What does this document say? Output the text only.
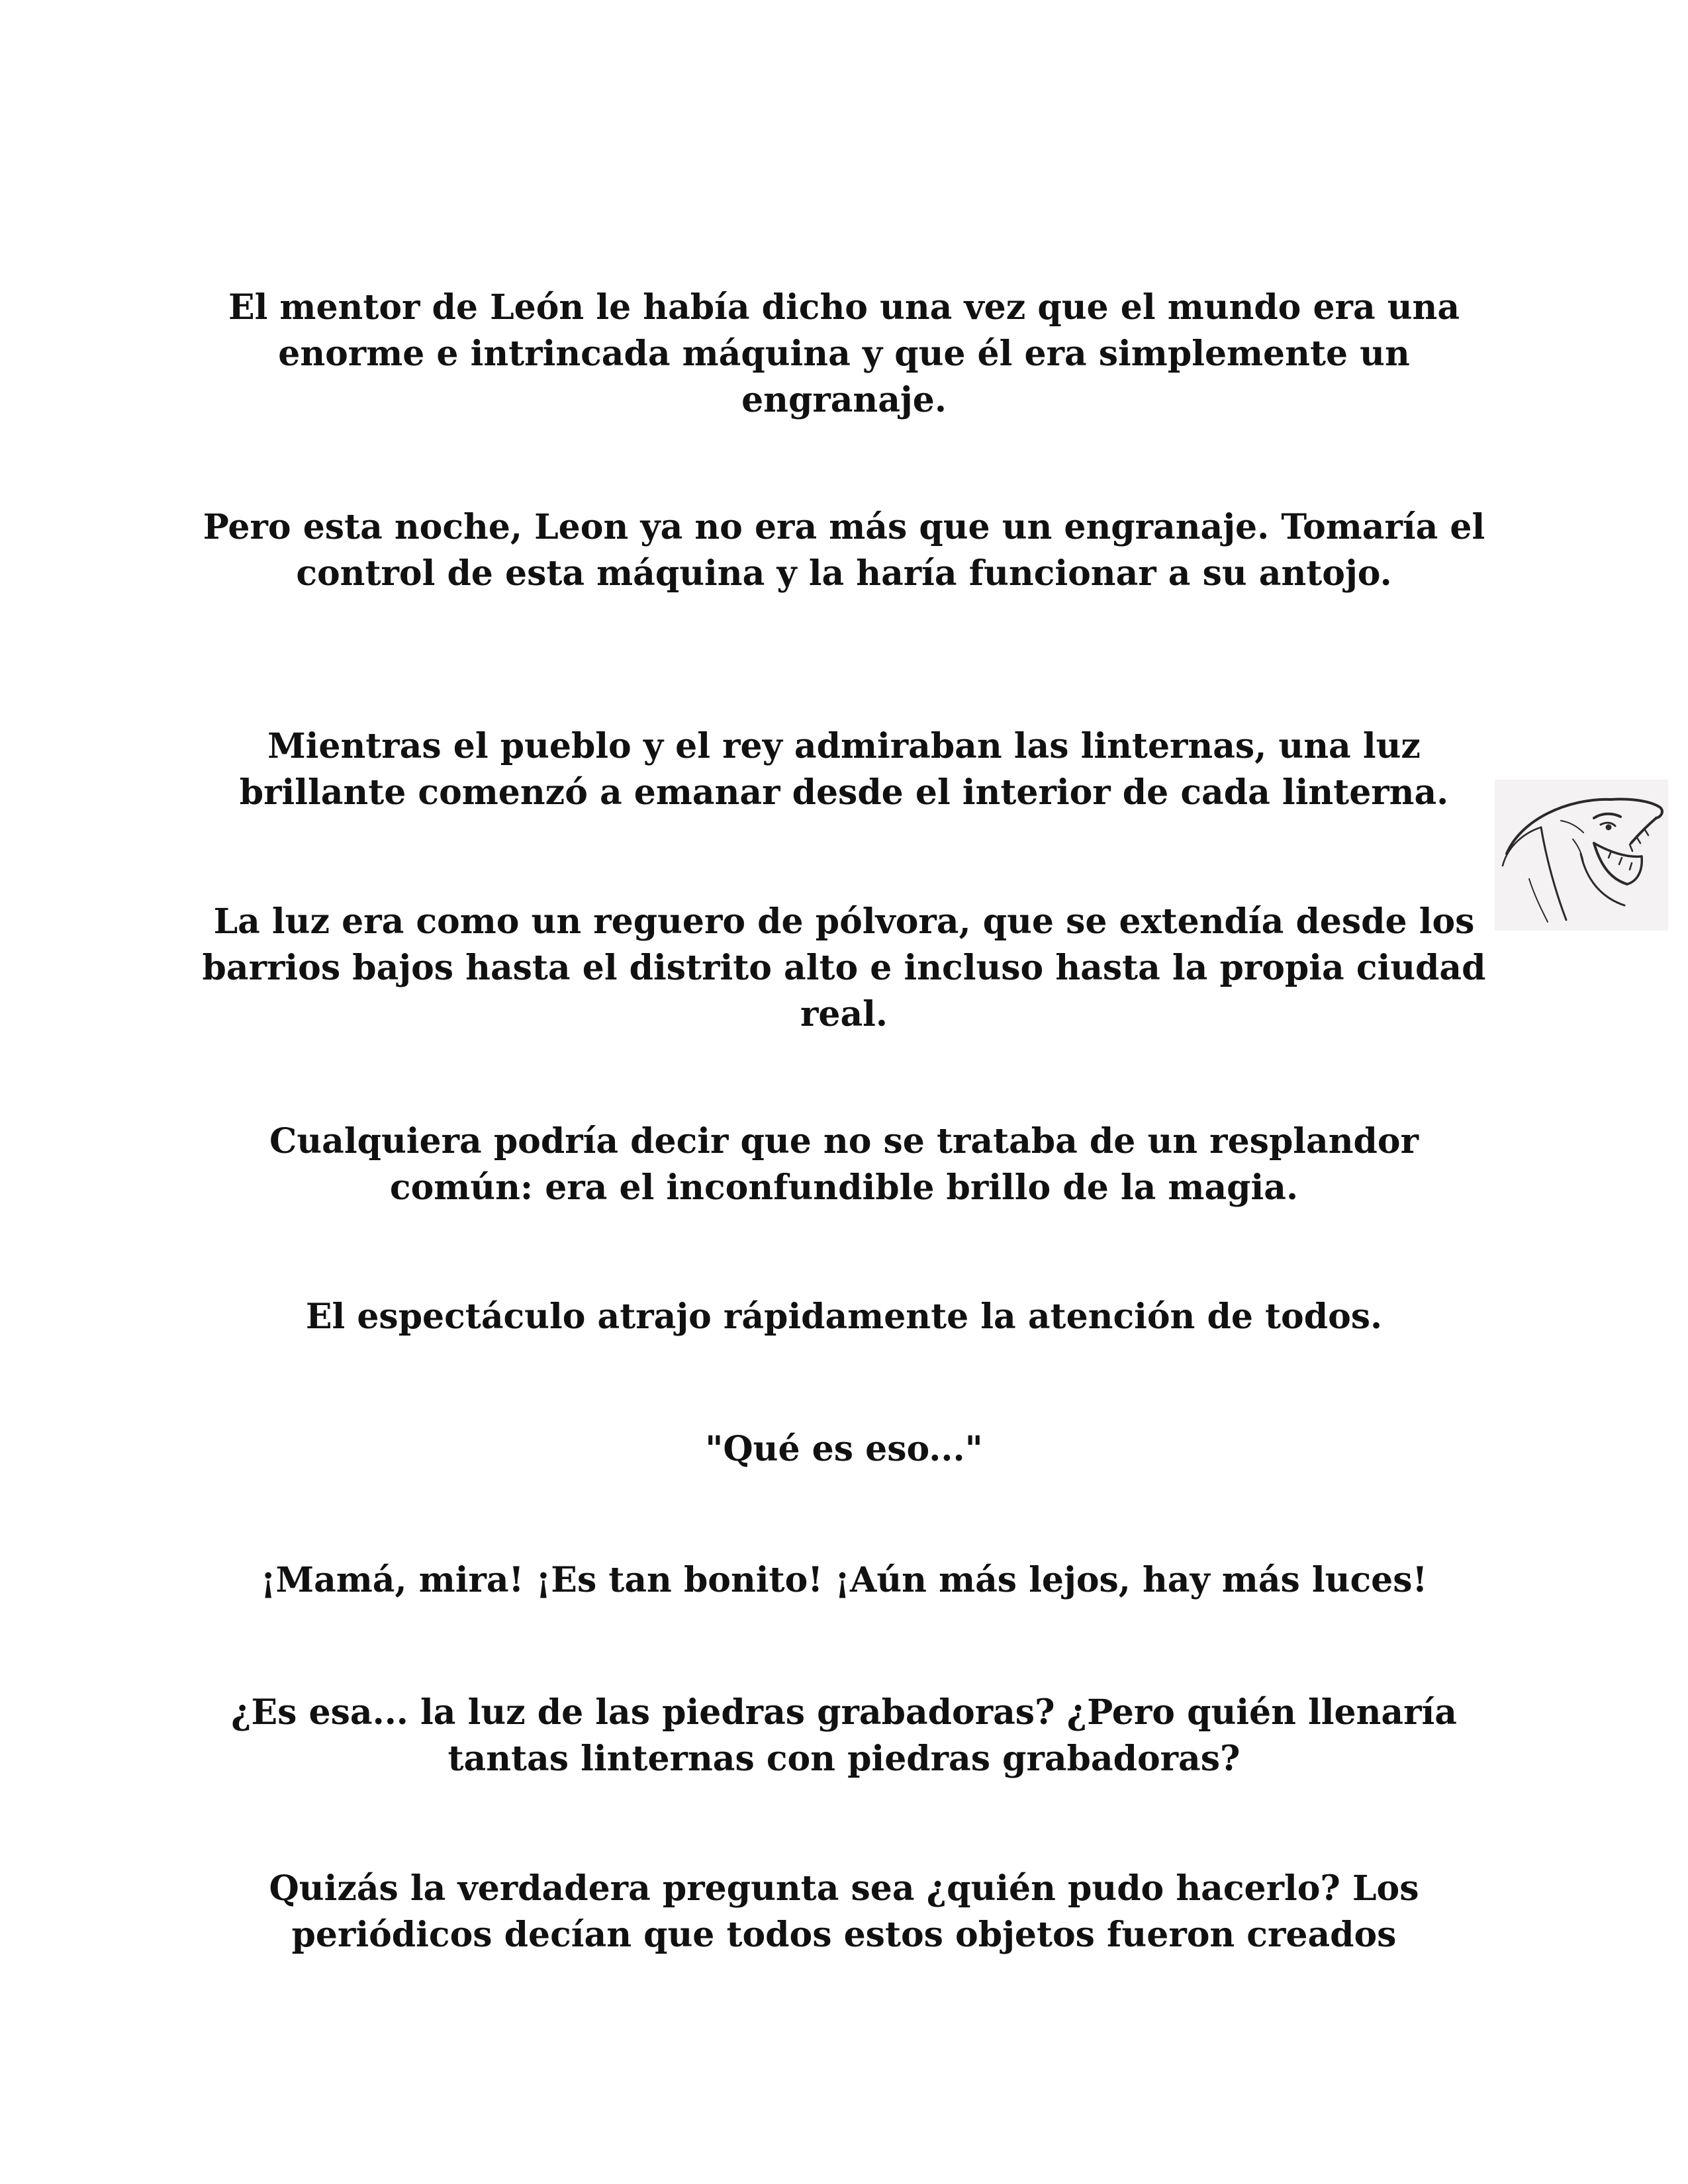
El mentor de León le había dicho una vez que el mundo era una enorme e intrincada máquina y que él era simplemente un engranaje.

Pero esta noche, Leon ya no era más que un engranaje. Tomaría el control de esta máquina y la haría funcionar a su antojo.

Mientras el pueblo y el rey admiraban las linternas, una luz brillante comenzó a emanar desde el interior de cada linterna.

La luz era como un reguero de pólvora, que se extendía desde los barrios bajos hasta el distrito alto e incluso hasta la propia ciudad real.

Cualquiera podría decir que no se trataba de un resplandor común: era el inconfundible brillo de la magia.

El espectáculo atrajo rápidamente la atención de todos.

"Qué es eso..."

¡Mamá, mira! ¡Es tan bonito! ¡Aún más lejos, hay más luces!

¿Es esa... la luz de las piedras grabadoras? ¿Pero quién llenaría tantas linternas con piedras grabadoras?

Quizás la verdadera pregunta sea ¿quién pudo hacerlo? Los periódicos decían que todos estos objetos fueron creados
